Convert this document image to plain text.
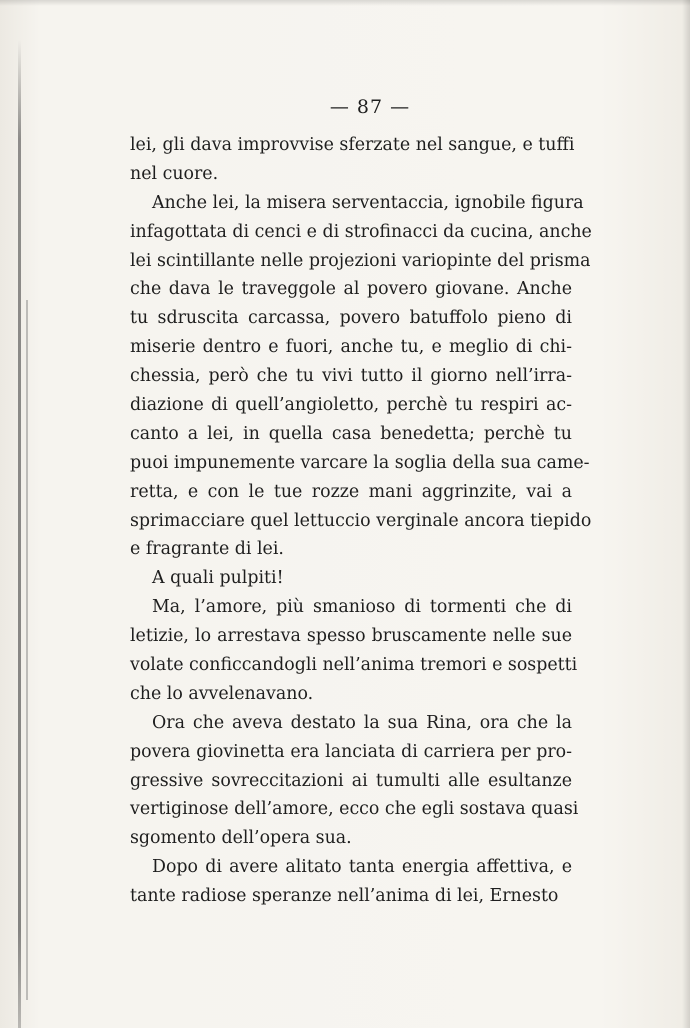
— 87 —
lei, gli dava improvvise sferzate nel sangue, e tuffi
nel cuore.
Anche lei, la misera serventaccia, ignobile figura
infagottata di cenci e di strofinacci da cucina, anche
lei scintillante nelle projezioni variopinte del prisma
che dava le traveggole al povero giovane. Anche
tu sdruscita carcassa, povero batuffolo pieno di
miserie dentro e fuori, anche tu, e meglio di chi-
chessia, però che tu vivi tutto il giorno nell’irra-
diazione di quell’angioletto, perchè tu respiri ac-
canto a lei, in quella casa benedetta; perchè tu
puoi impunemente varcare la soglia della sua came-
retta, e con le tue rozze mani aggrinzite, vai a
sprimacciare quel lettuccio verginale ancora tiepido
e fragrante di lei.
A quali pulpiti!
Ma, l’amore, più smanioso di tormenti che di
letizie, lo arrestava spesso bruscamente nelle sue
volate conficcandogli nell’anima tremori e sospetti
che lo avvelenavano.
Ora che aveva destato la sua Rina, ora che la
povera giovinetta era lanciata di carriera per pro-
gressive sovreccitazioni ai tumulti alle esultanze
vertiginose dell’amore, ecco che egli sostava quasi
sgomento dell’opera sua.
Dopo di avere alitato tanta energia affettiva, e
tante radiose speranze nell’anima di lei, Ernesto
